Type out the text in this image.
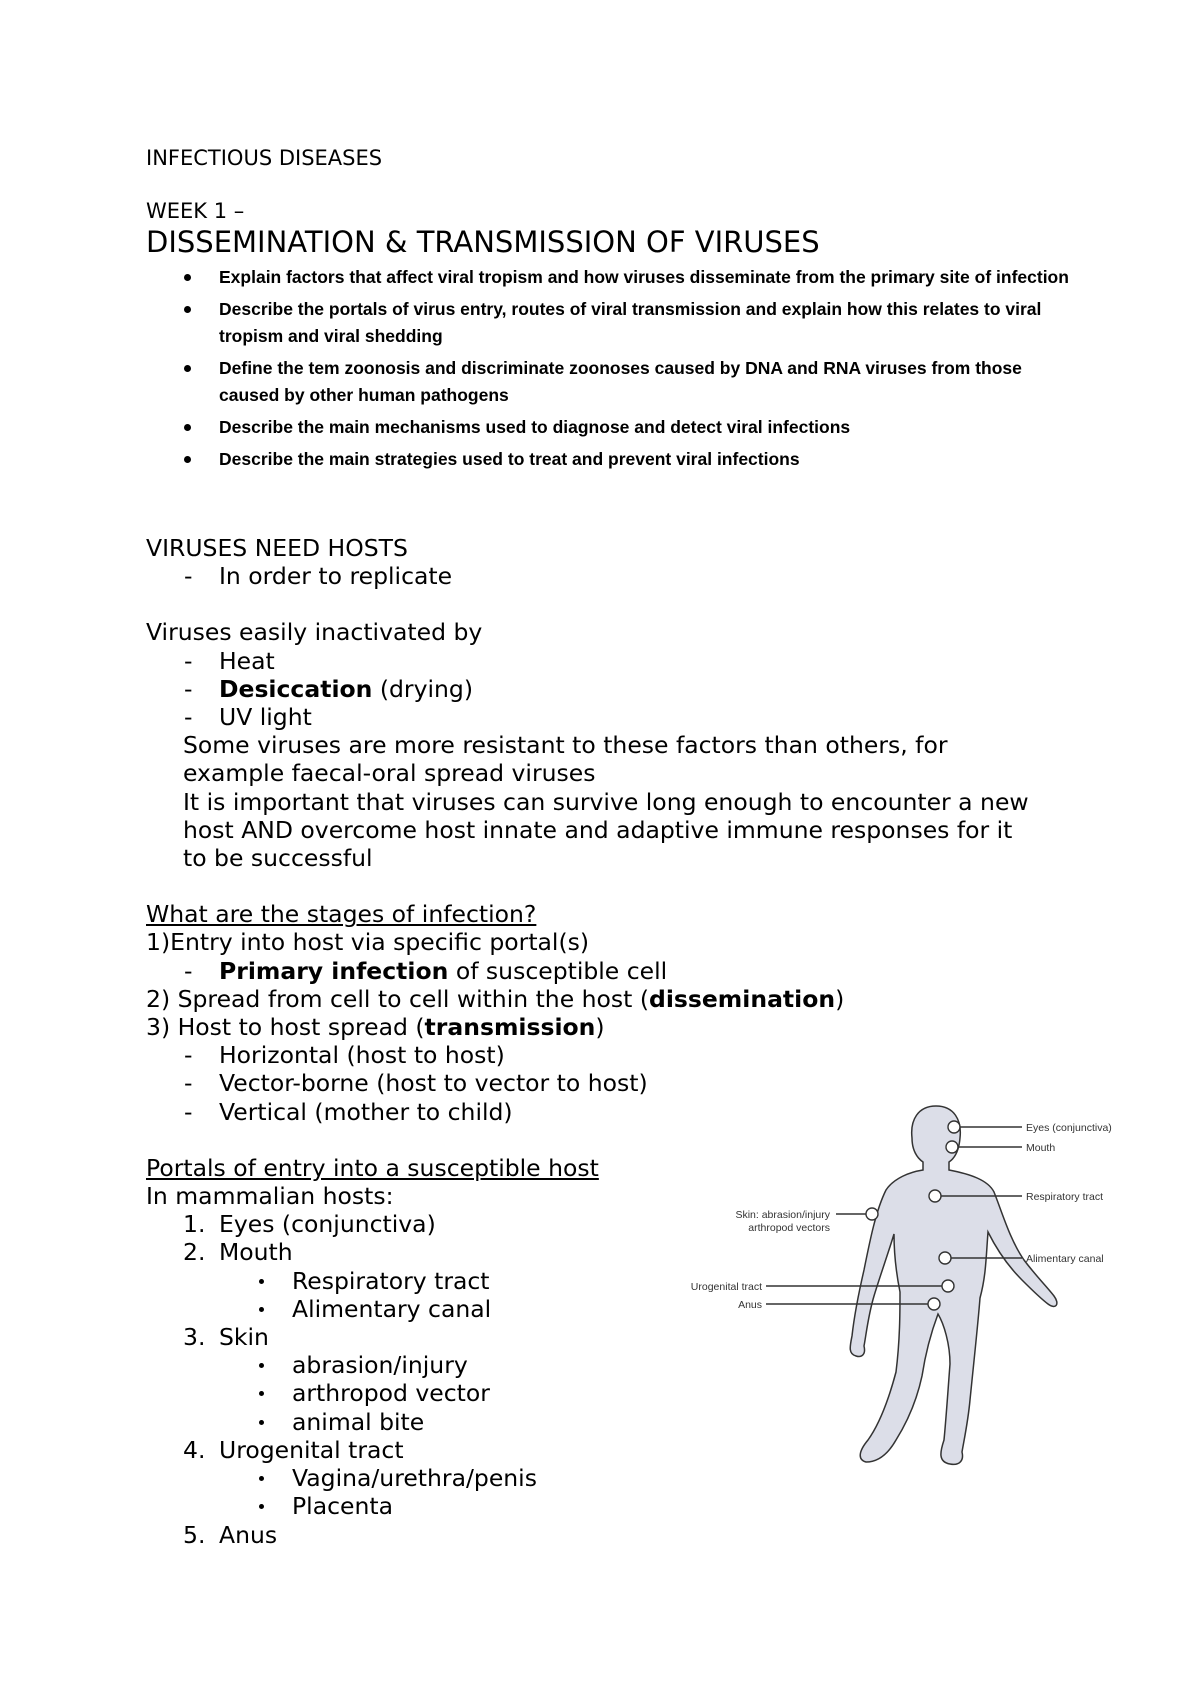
INFECTIOUS DISEASES
WEEK 1 –
DISSEMINATION & TRANSMISSION OF VIRUSES
Explain factors that affect viral tropism and how viruses disseminate from the primary site of infection
Describe the portals of virus entry, routes of viral transmission and explain how this relates to viral tropism and viral shedding
Define the tem zoonosis and discriminate zoonoses caused by DNA and RNA viruses from those caused by other human pathogens
Describe the main mechanisms used to diagnose and detect viral infections
Describe the main strategies used to treat and prevent viral infections
VIRUSES NEED HOSTS
- In order to replicate
Viruses easily inactivated by
- Heat
- Desiccation (drying)
- UV light
Some viruses are more resistant to these factors than others, for example faecal-oral spread viruses
It is important that viruses can survive long enough to encounter a new host AND overcome host innate and adaptive immune responses for it to be successful
What are the stages of infection?
1)Entry into host via specific portal(s)
- Primary infection of susceptible cell
2) Spread from cell to cell within the host (dissemination)
3) Host to host spread (transmission)
- Horizontal (host to host)
- Vector-borne (host to vector to host)
- Vertical (mother to child)
Portals of entry into a susceptible host
In mammalian hosts:
1. Eyes (conjunctiva)
2. Mouth
Respiratory tract
Alimentary canal
3. Skin
abrasion/injury
arthropod vector
animal bite
4. Urogenital tract
Vagina/urethra/penis
Placenta
5. Anus
Eyes (conjunctiva)
Mouth
Respiratory tract
Skin: abrasion/injury
arthropod vectors
Alimentary canal
Urogenital tract
Anus
